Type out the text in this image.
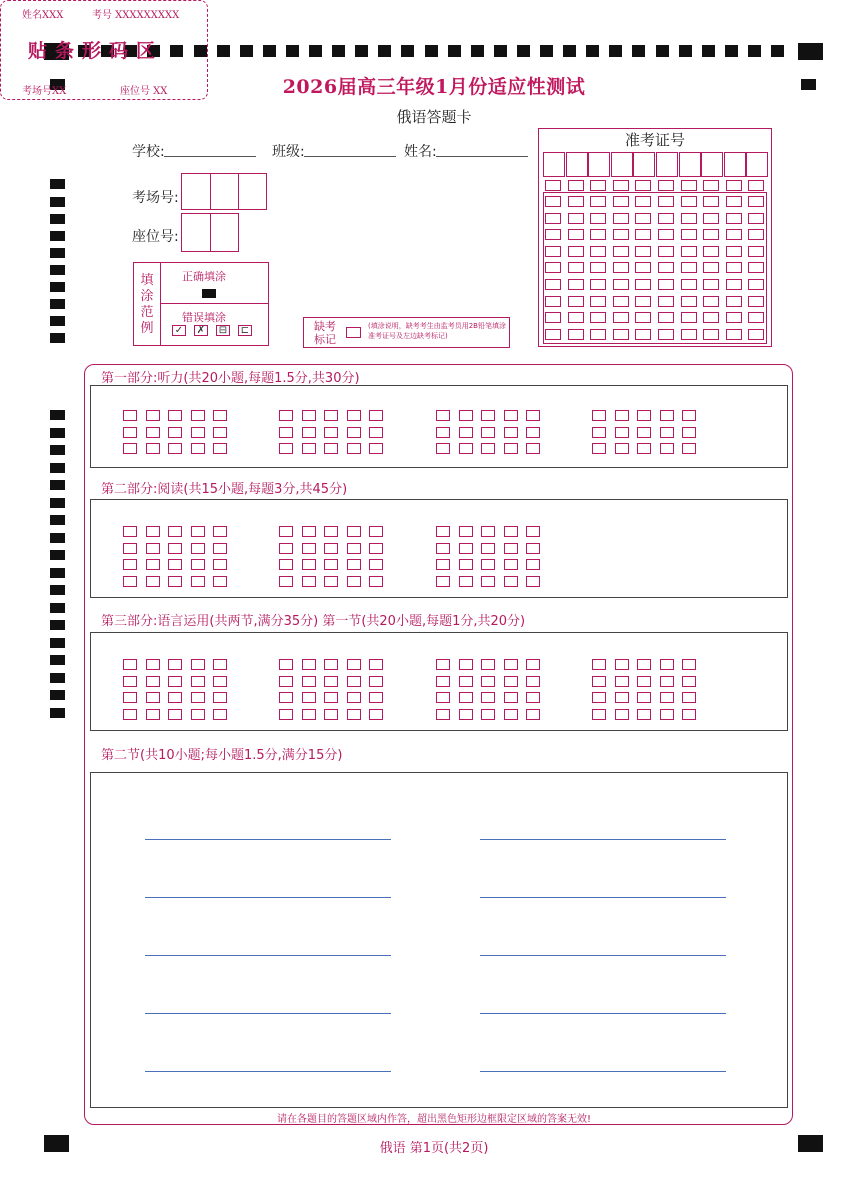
2026届高三年级1月份适应性测试
俄语答题卡
学校:	班级:	姓名:
考场号:
座位号:
填涂范例
正确填涂
错误填涂
✓ ✗ ⊟ ⊏
姓名XXX	考号 XXXXXXXXX
贴条形码区
考场号XX	座位号 XX
缺考标记
(填涂说明，缺考考生由监考员用2B铅笔填涂准考证号及左边缺考标记)
准考证号
第一部分:听力(共20小题,每题1.5分,共30分)
第二部分:阅读(共15小题,每题3分,共45分)
第三部分:语言运用(共两节,满分35分) 第一节(共20小题,每题1分,共20分)
第二节(共10小题;每小题1.5分,满分15分)
请在各题目的答题区域内作答，超出黑色矩形边框限定区域的答案无效!
俄语 第1页(共2页)
